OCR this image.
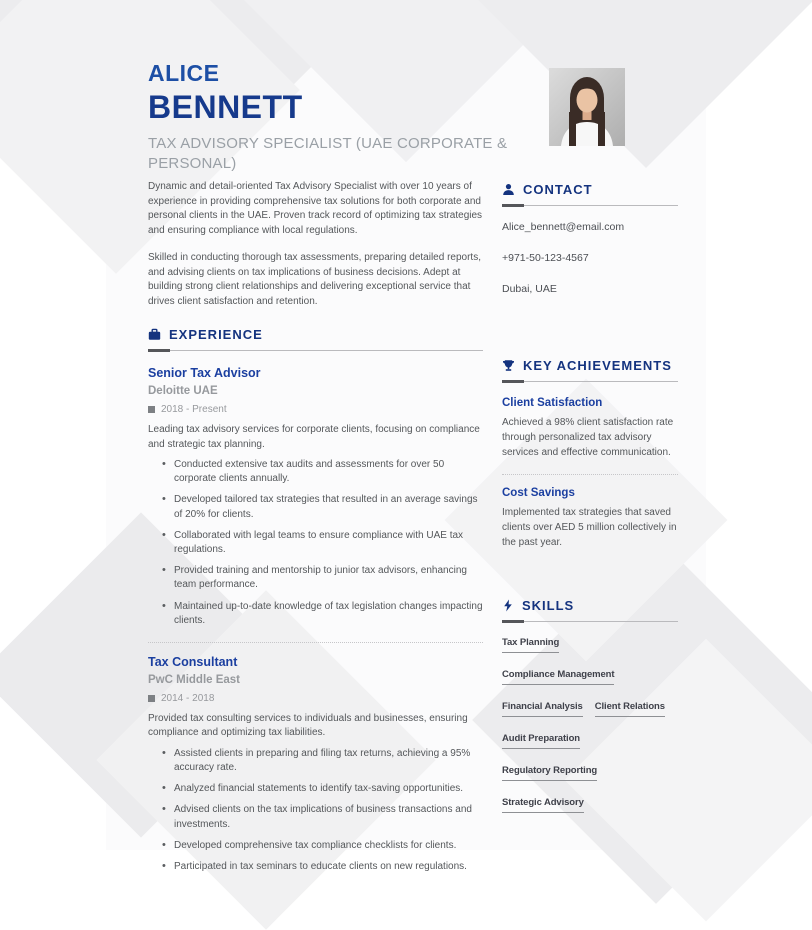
ALICE
BENNETT
TAX ADVISORY SPECIALIST (UAE CORPORATE & PERSONAL)

Dynamic and detail-oriented Tax Advisory Specialist with over 10 years of experience in providing comprehensive tax solutions for both corporate and personal clients in the UAE. Proven track record of optimizing tax strategies and ensuring compliance with local regulations.

Skilled in conducting thorough tax assessments, preparing detailed reports, and advising clients on tax implications of business decisions. Adept at building strong client relationships and delivering exceptional service that drives client satisfaction and retention.

EXPERIENCE
Senior Tax Advisor
Deloitte UAE
2018 - Present
Leading tax advisory services for corporate clients, focusing on compliance and strategic tax planning.
• Conducted extensive tax audits and assessments for over 50 corporate clients annually.
• Developed tailored tax strategies that resulted in an average savings of 20% for clients.
• Collaborated with legal teams to ensure compliance with UAE tax regulations.
• Provided training and mentorship to junior tax advisors, enhancing team performance.
• Maintained up-to-date knowledge of tax legislation changes impacting clients.
Tax Consultant
PwC Middle East
2014 - 2018
Provided tax consulting services to individuals and businesses, ensuring compliance and optimizing tax liabilities.
• Assisted clients in preparing and filing tax returns, achieving a 95% accuracy rate.
• Analyzed financial statements to identify tax-saving opportunities.
• Advised clients on the tax implications of business transactions and investments.
• Developed comprehensive tax compliance checklists for clients.
• Participated in tax seminars to educate clients on new regulations.
CONTACT
Alice_bennett@email.com
+971-50-123-4567
Dubai, UAE
KEY ACHIEVEMENTS
Client Satisfaction
Achieved a 98% client satisfaction rate through personalized tax advisory services and effective communication.
Cost Savings
Implemented tax strategies that saved clients over AED 5 million collectively in the past year.
SKILLS
Tax Planning
Compliance Management
Financial Analysis Client Relations
Audit Preparation
Regulatory Reporting
Strategic Advisory
